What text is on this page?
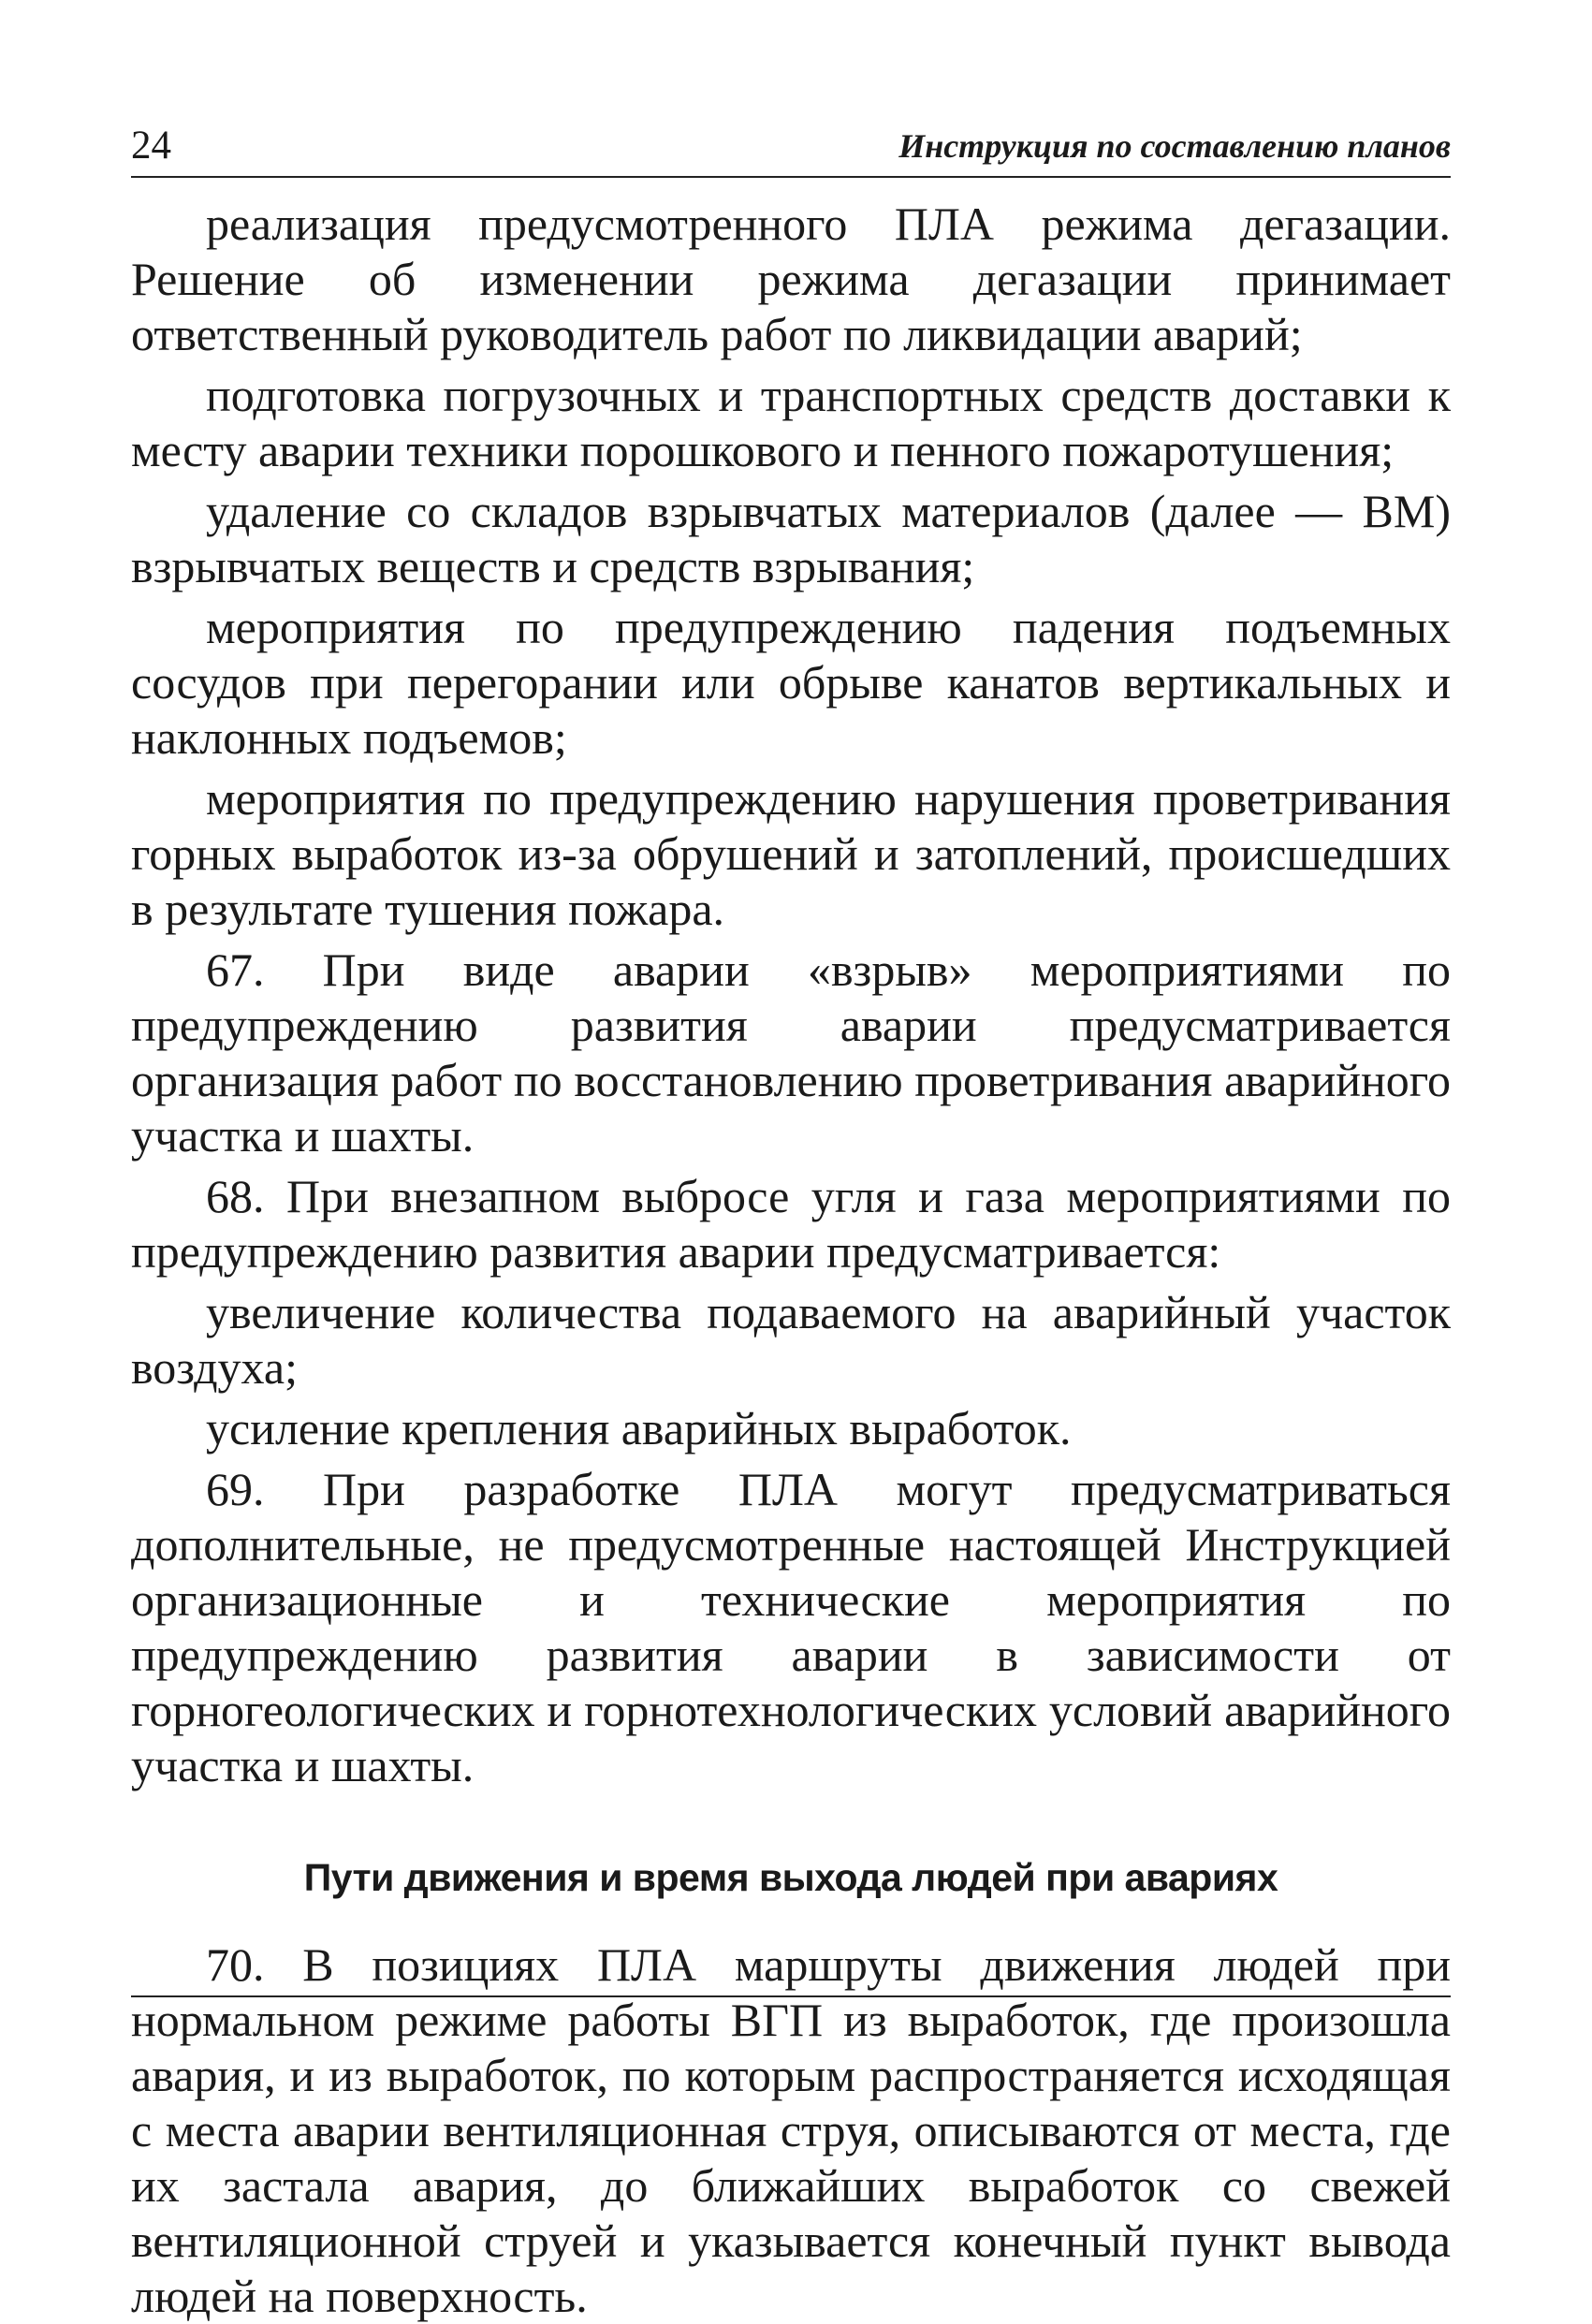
24	Инструкция по составлению планов

реализация предусмотренного ПЛА режима дегазации. Решение об изменении режима дегазации принимает ответственный руководитель работ по ликвидации аварий;

подготовка погрузочных и транспортных средств доставки к месту аварии техники порошкового и пенного пожаротушения;

удаление со складов взрывчатых материалов (далее — ВМ) взрывчатых веществ и средств взрывания;

мероприятия по предупреждению падения подъемных сосудов при перегорании или обрыве канатов вертикальных и наклонных подъемов;

мероприятия по предупреждению нарушения проветривания горных выработок из-за обрушений и затоплений, происшедших в результате тушения пожара.

67. При виде аварии «взрыв» мероприятиями по предупреждению развития аварии предусматривается организация работ по восстановлению проветривания аварийного участка и шахты.

68. При внезапном выбросе угля и газа мероприятиями по предупреждению развития аварии предусматривается:

увеличение количества подаваемого на аварийный участок воздуха;

усиление крепления аварийных выработок.

69. При разработке ПЛА могут предусматриваться дополнительные, не предусмотренные настоящей Инструкцией организационные и технические мероприятия по предупреждению развития аварии в зависимости от горногеологических и горнотехнологических условий аварийного участка и шахты.

Пути движения и время выхода людей при авариях

70. В позициях ПЛА маршруты движения людей при нормальном режиме работы ВГП из выработок, где произошла авария, и из выработок, по которым распространяется исходящая с места аварии вентиляционная струя, описываются от места, где их застала авария, до ближайших выработок со свежей вентиляционной струей и указывается конечный пункт вывода людей на поверхность.
